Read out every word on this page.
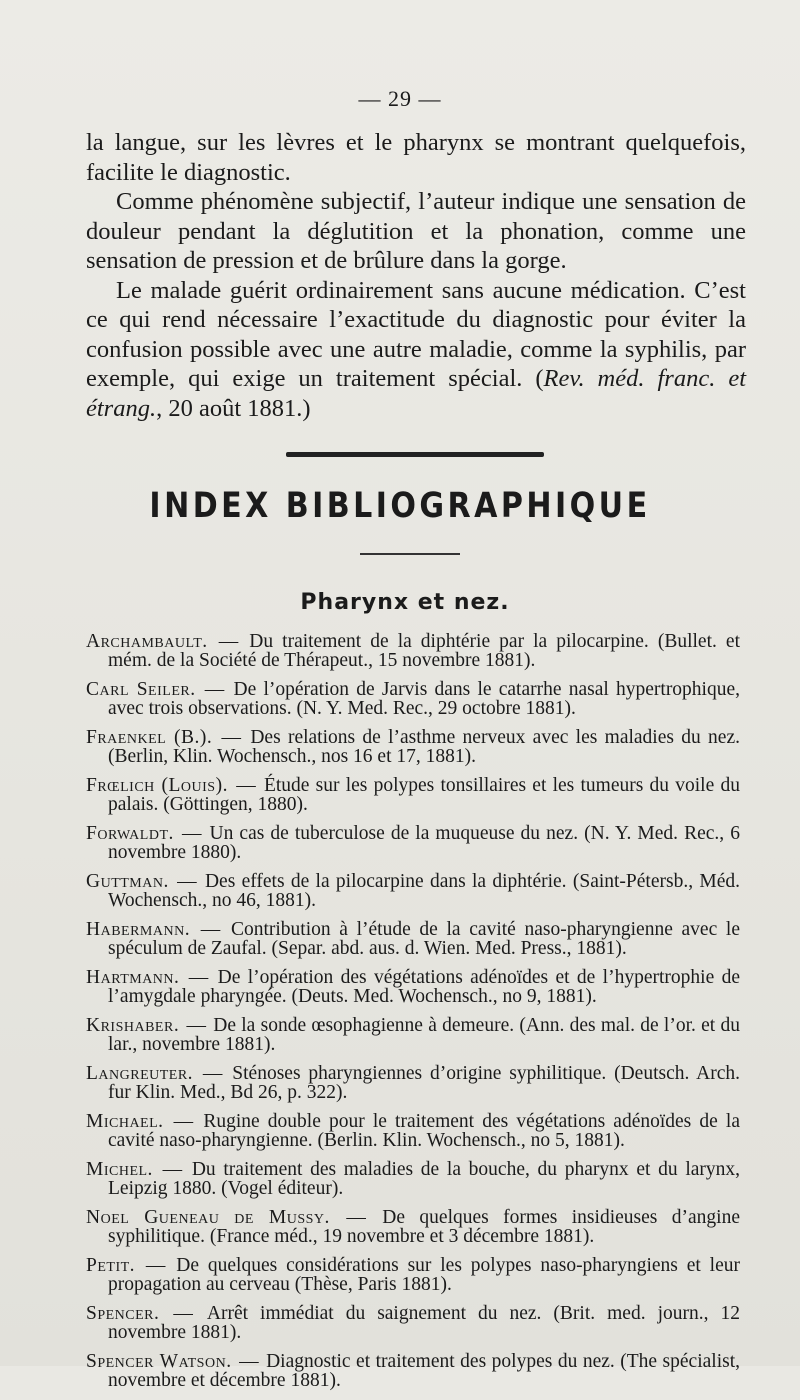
— 29 —

la langue, sur les lèvres et le pharynx se montrant quelquefois, facilite le diagnostic.

Comme phénomène subjectif, l’auteur indique une sensation de douleur pendant la déglutition et la phonation, comme une sensation de pression et de brûlure dans la gorge.

Le malade guérit ordinairement sans aucune médication. C’est ce qui rend nécessaire l’exactitude du diagnostic pour éviter la confusion possible avec une autre maladie, comme la syphilis, par exemple, qui exige un traitement spécial. (Rev. méd. franc. et étrang., 20 août 1881.)

INDEX BIBLIOGRAPHIQUE
Pharynx et nez.

Archambault. — Du traitement de la diphtérie par la pilocarpine. (Bullet. et mém. de la Société de Thérapeut., 15 novembre 1881).

Carl Seiler. — De l’opération de Jarvis dans le catarrhe nasal hypertrophique, avec trois observations. (N. Y. Med. Rec., 29 octobre 1881).

Fraenkel (B.). — Des relations de l’asthme nerveux avec les maladies du nez. (Berlin, Klin. Wochensch., nos 16 et 17, 1881).

Frœlich (Louis). — Étude sur les polypes tonsillaires et les tumeurs du voile du palais. (Göttingen, 1880).

Forwaldt. — Un cas de tuberculose de la muqueuse du nez. (N. Y. Med. Rec., 6 novembre 1880).

Guttman. — Des effets de la pilocarpine dans la diphtérie. (Saint-Pétersb., Méd. Wochensch., no 46, 1881).

Habermann. — Contribution à l’étude de la cavité naso-pharyngienne avec le spéculum de Zaufal. (Separ. abd. aus. d. Wien. Med. Press., 1881).

Hartmann. — De l’opération des végétations adénoïdes et de l’hypertrophie de l’amygdale pharyngée. (Deuts. Med. Wochensch., no 9, 1881).

Krishaber. — De la sonde œsophagienne à demeure. (Ann. des mal. de l’or. et du lar., novembre 1881).

Langreuter. — Sténoses pharyngiennes d’origine syphilitique. (Deutsch. Arch. fur Klin. Med., Bd 26, p. 322).

Michael. — Rugine double pour le traitement des végétations adénoïdes de la cavité naso-pharyngienne. (Berlin. Klin. Wochensch., no 5, 1881).

Michel. — Du traitement des maladies de la bouche, du pharynx et du larynx, Leipzig 1880. (Vogel éditeur).

Noel Gueneau de Mussy. — De quelques formes insidieuses d’angine syphilitique. (France méd., 19 novembre et 3 décembre 1881).

Petit. — De quelques considérations sur les polypes naso-pharyngiens et leur propagation au cerveau (Thèse, Paris 1881).

Spencer. — Arrêt immédiat du saignement du nez. (Brit. med. journ., 12 novembre 1881).

Spencer Watson. — Diagnostic et traitement des polypes du nez. (The spécialist, novembre et décembre 1881).
